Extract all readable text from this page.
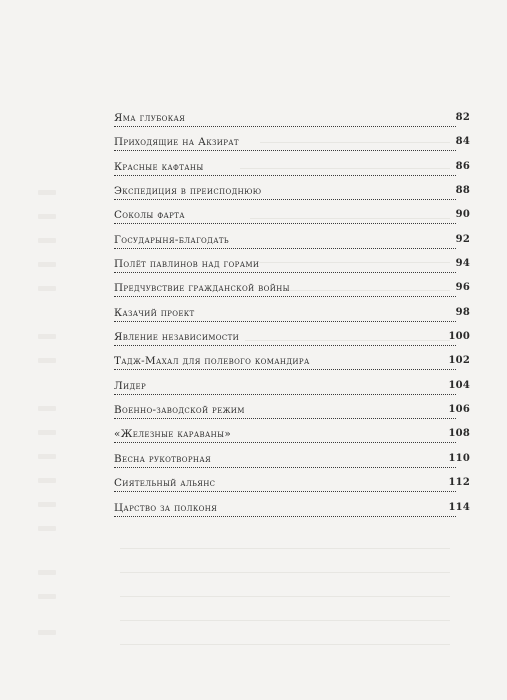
Яма глубокая	82
Приходящие на Акзират	84
Красные кафтаны	86
Экспедиция в преисподнюю	88
Соколы фарта	90
Государыня-благодать	92
Полёт павлинов над горами	94
Предчувствие гражданской войны	96
Казачий проект	98
Явление независимости	100
Тадж-Махал для полевого командира	102
Лидер	104
Военно-заводской режим	106
«Железные караваны»	108
Весна рукотворная	110
Сиятельный альянс	112
Царство за полконя	114
